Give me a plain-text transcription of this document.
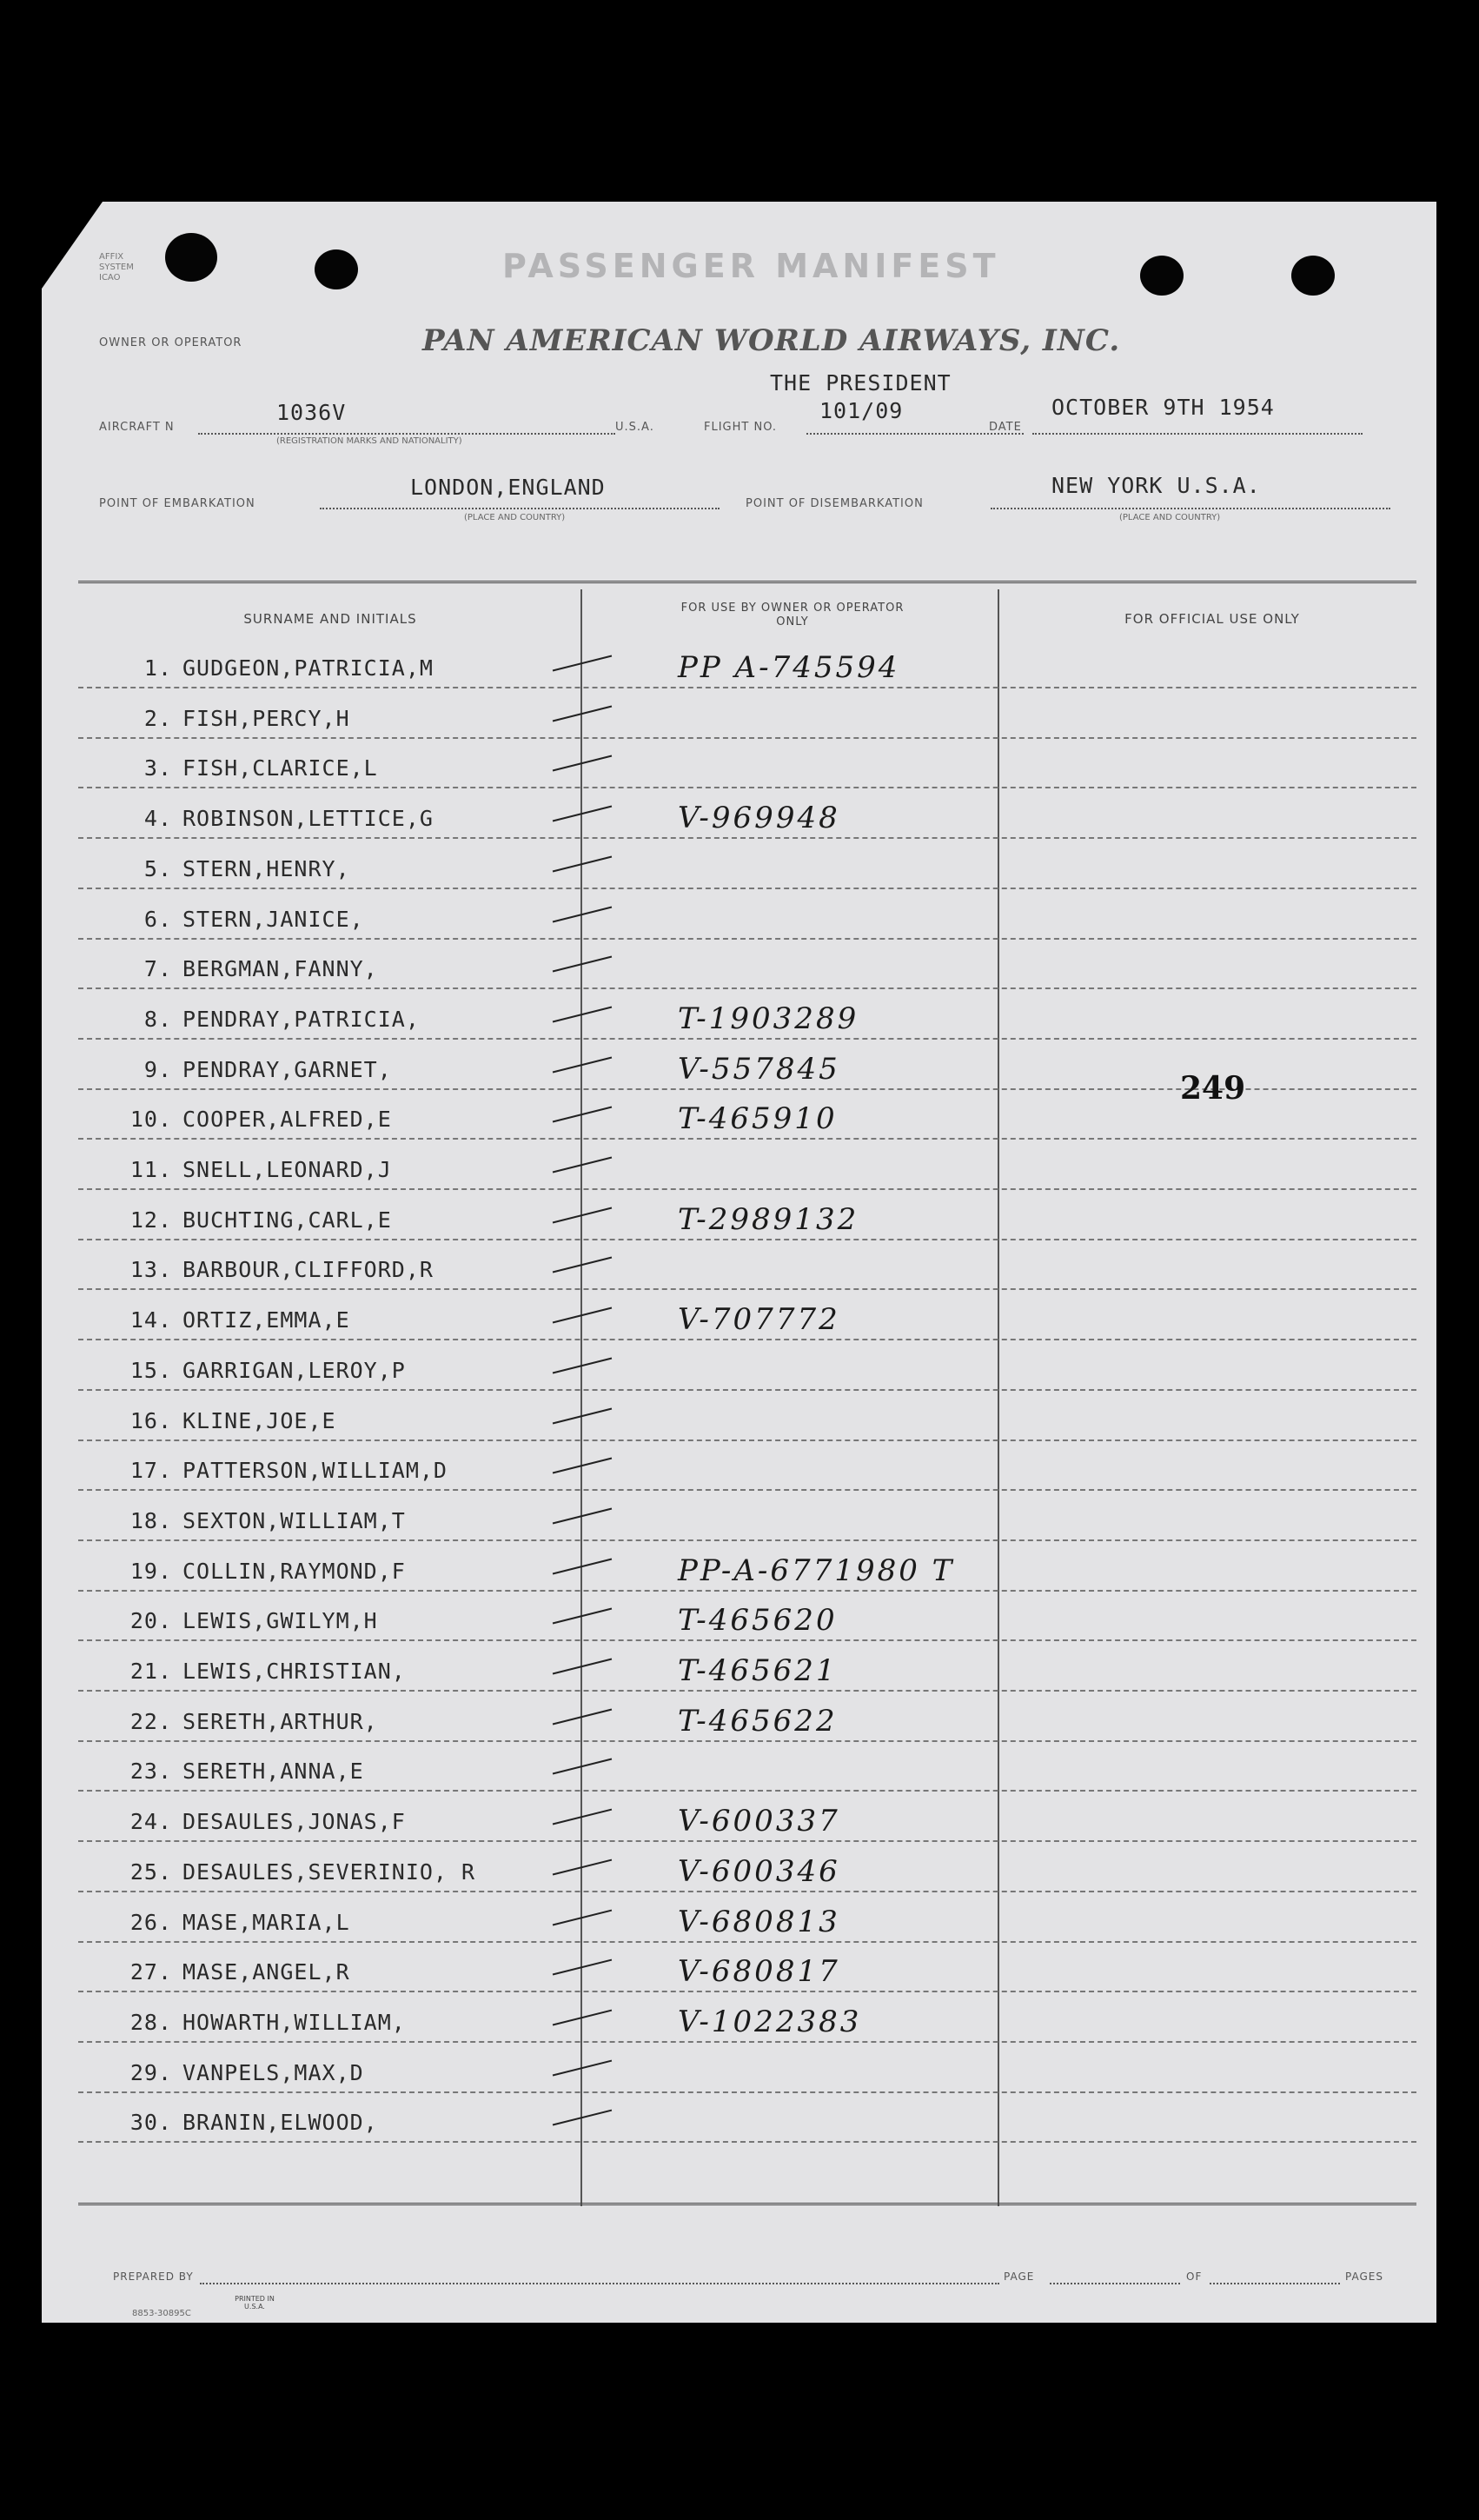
AFFIX
SYSTEM
ICAO	PASSENGER MANIFEST
OWNER OR OPERATOR	PAN AMERICAN WORLD AIRWAYS, INC.
AIRCRAFT N
1036V
(REGISTRATION MARKS AND NATIONALITY)
U.S.A.	FLIGHT NO.
THE PRESIDENT
101/09
DATE
OCTOBER 9TH 1954
POINT OF EMBARKATION
LONDON,ENGLAND
(PLACE AND COUNTRY)
POINT OF DISEMBARKATION
NEW YORK U.S.A.
(PLACE AND COUNTRY)
SURNAME AND INITIALS
FOR USE BY OWNER OR OPERATOR ONLY	FOR OFFICIAL USE ONLY
1. GUDGEON,PATRICIA,M	PP A-745594
2. FISH,PERCY,H
3. FISH,CLARICE,L
4. ROBINSON,LETTICE,G	V-969948
5. STERN,HENRY,
6. STERN,JANICE,
7. BERGMAN,FANNY,
8. PENDRAY,PATRICIA,	T-1903289
9. PENDRAY,GARNET,	V-557845
10. COOPER,ALFRED,E	T-465910
11. SNELL,LEONARD,J
12. BUCHTING,CARL,E	T-2989132
13. BARBOUR,CLIFFORD,R
14. ORTIZ,EMMA,E	V-707772
15. GARRIGAN,LEROY,P
16. KLINE,JOE,E
17. PATTERSON,WILLIAM,D
18. SEXTON,WILLIAM,T
19. COLLIN,RAYMOND,F	PP-A-6771980 T
20. LEWIS,GWILYM,H	T-465620
21. LEWIS,CHRISTIAN,	T-465621
22. SERETH,ARTHUR,	T-465622
23. SERETH,ANNA,E
24. DESAULES,JONAS,F	V-600337
25. DESAULES,SEVERINIO, R	V-600346
26. MASE,MARIA,L	V-680813
27. MASE,ANGEL,R	V-680817
28. HOWARTH,WILLIAM,	V-1022383
29. VANPELS,MAX,D
30. BRANIN,ELWOOD,
249
PREPARED BY	PAGE	OF	PAGES
8853-30895C
PRINTED IN U.S.A.
